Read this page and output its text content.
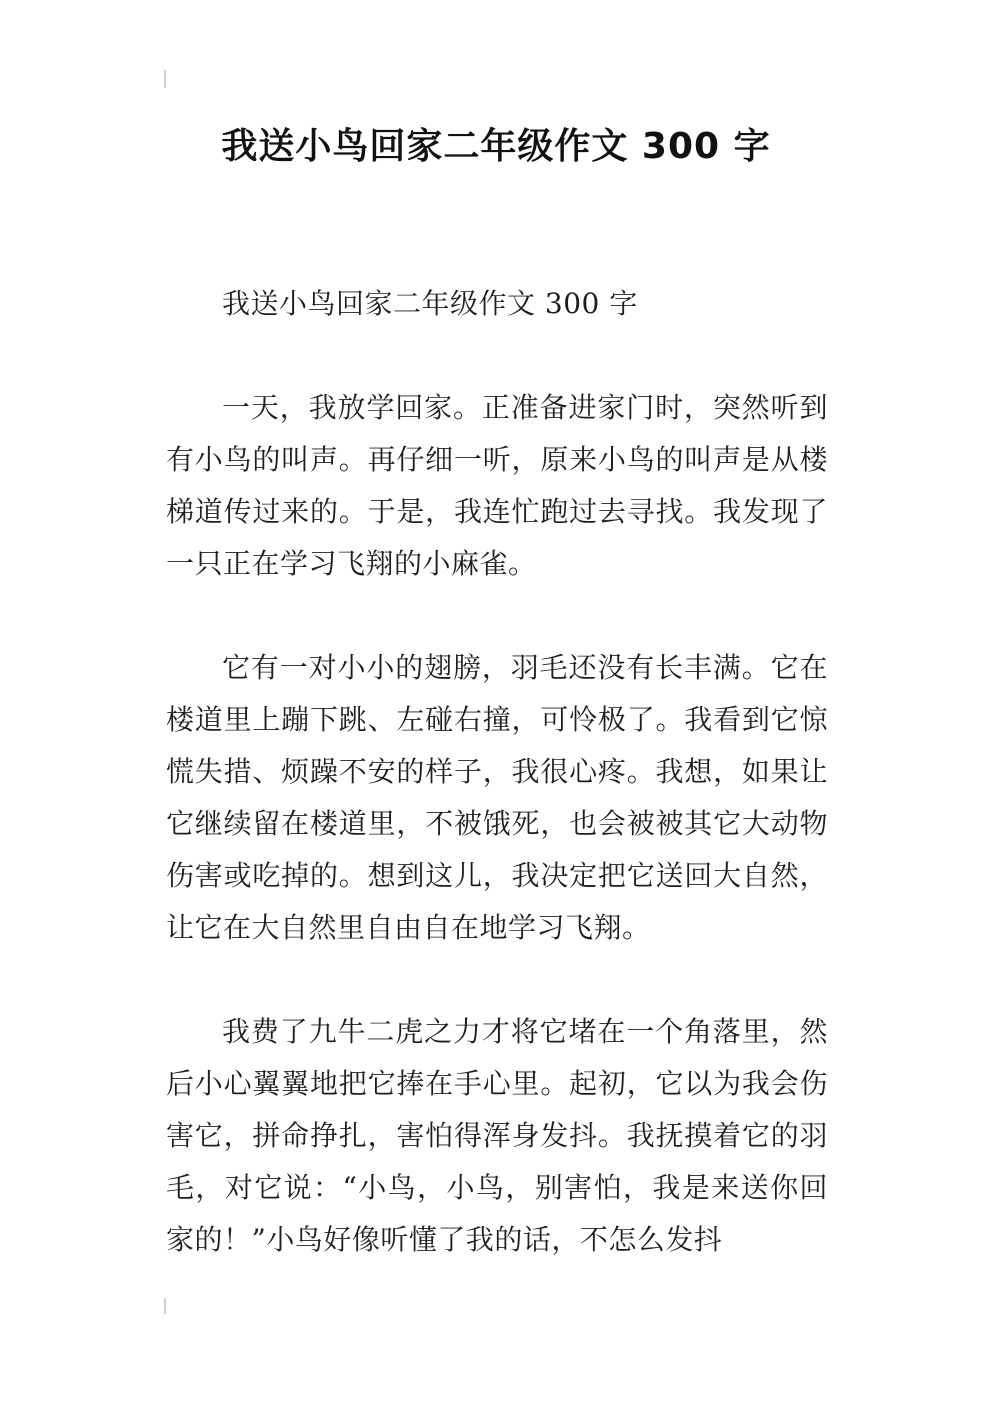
我送小鸟回家二年级作文 300 字

我送小鸟回家二年级作文 300 字

一天，我放学回家。正准备进家门时，突然听到有小鸟的叫声。再仔细一听，原来小鸟的叫声是从楼梯道传过来的。于是，我连忙跑过去寻找。我发现了一只正在学习飞翔的小麻雀。

它有一对小小的翅膀，羽毛还没有长丰满。它在楼道里上蹦下跳、左碰右撞，可怜极了。我看到它惊慌失措、烦躁不安的样子，我很心疼。我想，如果让它继续留在楼道里，不被饿死，也会被被其它大动物伤害或吃掉的。想到这儿，我决定把它送回大自然，让它在大自然里自由自在地学习飞翔。

我费了九牛二虎之力才将它堵在一个角落里，然后小心翼翼地把它捧在手心里。起初，它以为我会伤害它，拼命挣扎，害怕得浑身发抖。我抚摸着它的羽毛，对它说：“小鸟，小鸟，别害怕，我是来送你回家的！”小鸟好像听懂了我的话，不怎么发抖
